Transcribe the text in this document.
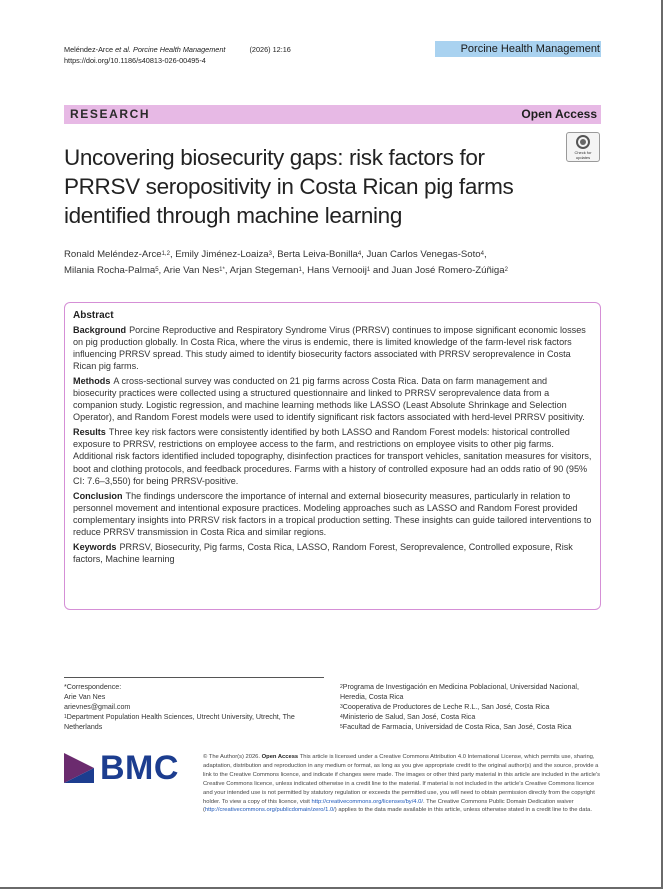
Meléndez-Arce et al. Porcine Health Management	(2026) 12:16
https://doi.org/10.1186/s40813-026-00495-4
Porcine Health Management
RESEARCH	Open Access
Check for
updates
Uncovering biosecurity gaps: risk factors for PRRSV seropositivity in Costa Rican pig farms identified through machine learning
Ronald Meléndez-Arce$^{1,2}$, Emily Jiménez-Loaiza$^3$, Berta Leiva-Bonilla$^4$, Juan Carlos Venegas-Soto$^4$,
Milania Rocha-Palma$^5$, Arie Van Nes$^{1*}$, Arjan Stegeman$^1$, Hans Vernooij$^1$ and Juan José Romero-Zúñiga$^2$
Abstract

Background Porcine Reproductive and Respiratory Syndrome Virus (PRRSV) continues to impose significant economic losses on pig production globally. In Costa Rica, where the virus is endemic, there is limited knowledge of the farm-level risk factors influencing PRRSV spread. This study aimed to identify biosecurity factors associated with PRRSV seroprevalence in Costa Rican pig farms.

Methods A cross-sectional survey was conducted on 21 pig farms across Costa Rica. Data on farm management and biosecurity practices were collected using a structured questionnaire and linked to PRRSV seroprevalence data from a companion study. Logistic regression, and machine learning methods like LASSO (Least Absolute Shrinkage and Selection Operator), and Random Forest models were used to identify significant risk factors associated with herd-level PRRSV positivity.

Results Three key risk factors were consistently identified by both LASSO and Random Forest models: historical controlled exposure to PRRSV, restrictions on employee access to the farm, and restrictions on employee visits to other pig farms. Additional risk factors identified included topography, disinfection practices for transport vehicles, sanitation measures for visitors, boot and clothing protocols, and feedback procedures. Farms with a history of controlled exposure had an odds ratio of 90 (95% CI: 7.6–3,550) for being PRRSV-positive.

Conclusion The findings underscore the importance of internal and external biosecurity measures, particularly in relation to personnel movement and intentional exposure practices. Modeling approaches such as LASSO and Random Forest provided complementary insights into PRRSV risk factors in a tropical production setting. These insights can guide tailored interventions to reduce PRRSV transmission in Costa Rica and similar regions.

Keywords PRRSV, Biosecurity, Pig farms, Costa Rica, LASSO, Random Forest, Seroprevalence, Controlled exposure, Risk factors, Machine learning

*Correspondence:
Arie Van Nes
arievnes@gmail.com
$^1$Department Population Health Sciences, Utrecht University, Utrecht, The Netherlands
$^2$Programa de Investigación en Medicina Poblacional, Universidad Nacional, Heredia, Costa Rica
$^3$Cooperativa de Productores de Leche R.L., San José, Costa Rica
$^4$Ministerio de Salud, San José, Costa Rica
$^5$Facultad de Farmacia, Universidad de Costa Rica, San José, Costa Rica
BMC	© The Author(s) 2026. Open Access This article is licensed under a Creative Commons Attribution 4.0 International License, which permits use, sharing, adaptation, distribution and reproduction in any medium or format, as long as you give appropriate credit to the original author(s) and the source, provide a link to the Creative Commons licence, and indicate if changes were made. The images or other third party material in this article are included in the article's Creative Commons licence, unless indicated otherwise in a credit line to the material. If material is not included in the article's Creative Commons licence and your intended use is not permitted by statutory regulation or exceeds the permitted use, you will need to obtain permission directly from the copyright holder. To view a copy of this licence, visit http://creativecommons.org/licenses/by/4.0/. The Creative Commons Public Domain Dedication waiver (http://creativecommons.org/publicdomain/zero/1.0/) applies to the data made available in this article, unless otherwise stated in a credit line to the data.
